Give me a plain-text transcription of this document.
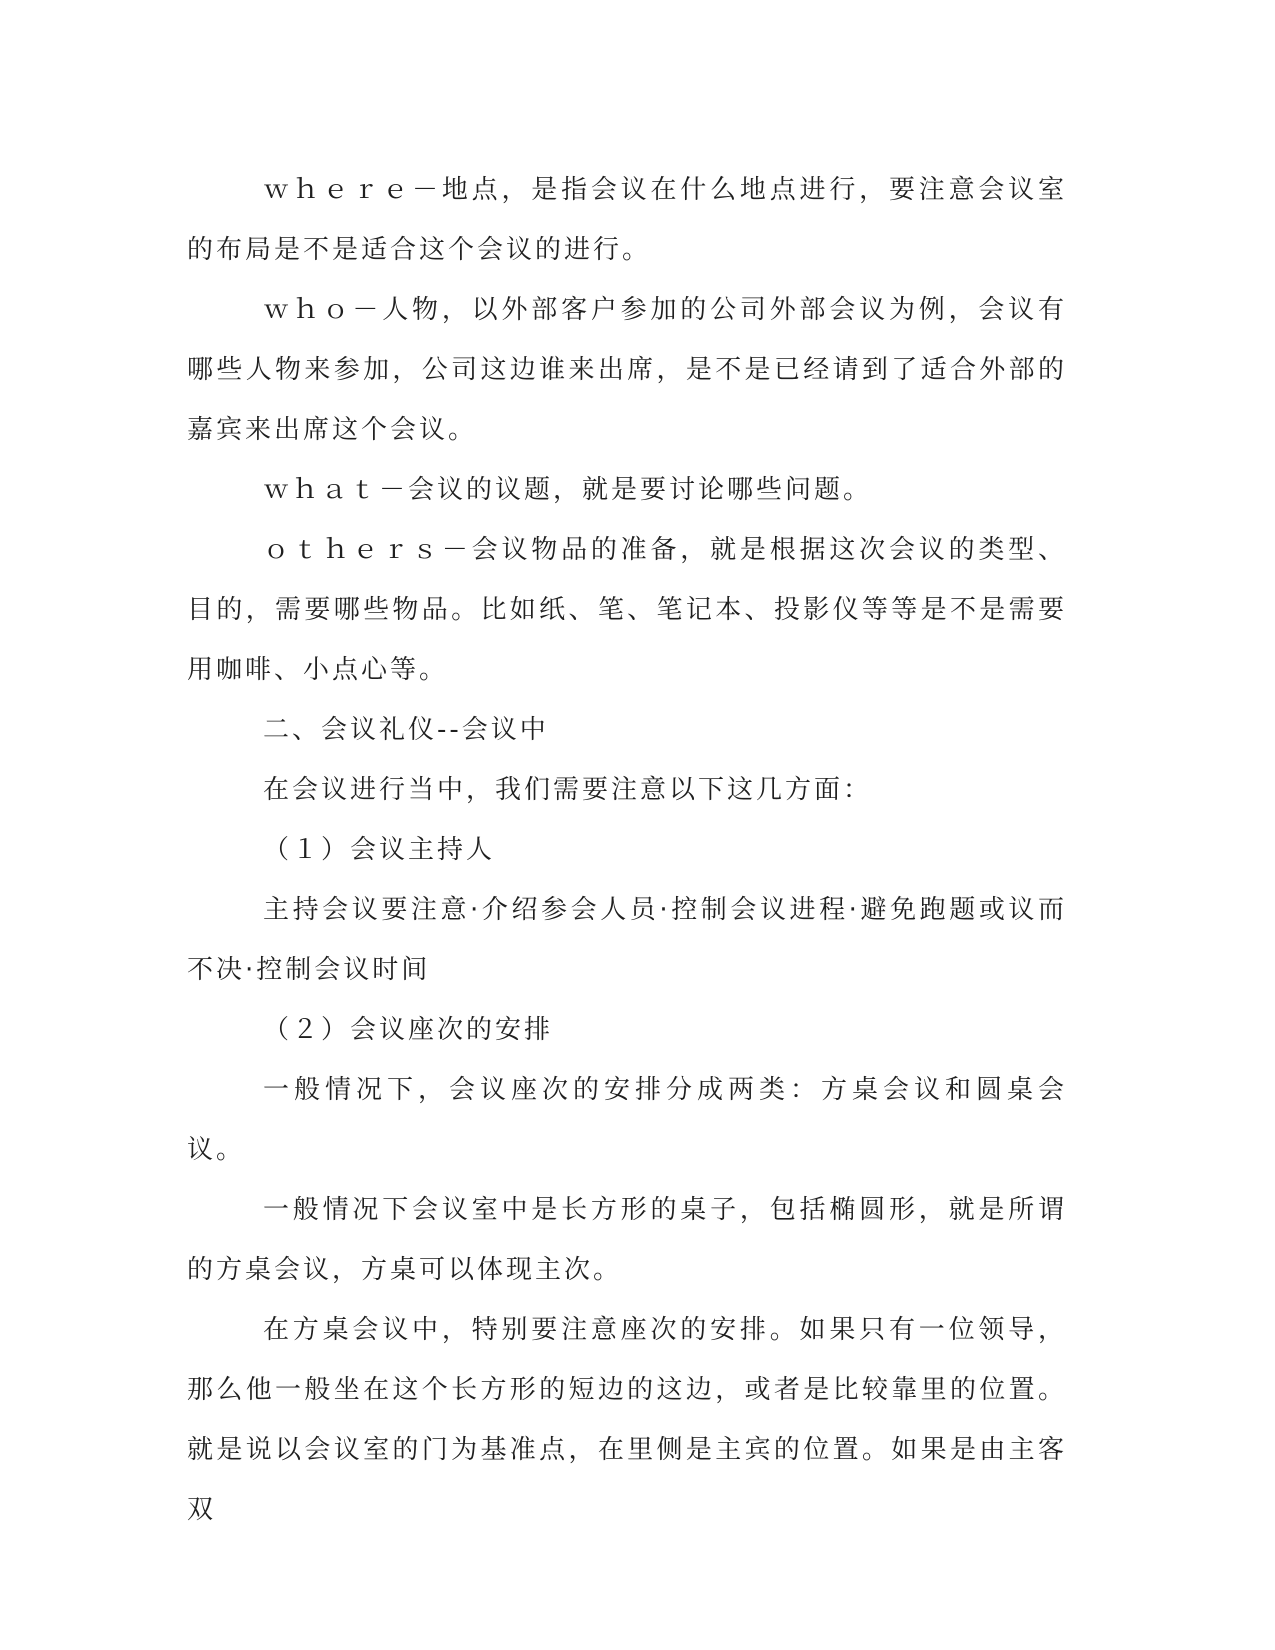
ｗｈｅｒｅ－地点，是指会议在什么地点进行，要注意会议室的布局是不是适合这个会议的进行。

ｗｈｏ－人物，以外部客户参加的公司外部会议为例，会议有哪些人物来参加，公司这边谁来出席，是不是已经请到了适合外部的嘉宾来出席这个会议。

ｗｈａｔ－会议的议题，就是要讨论哪些问题。

ｏｔｈｅｒｓ－会议物品的准备，就是根据这次会议的类型、目的，需要哪些物品。比如纸、笔、笔记本、投影仪等等是不是需要用咖啡、小点心等。

二、会议礼仪--会议中

在会议进行当中，我们需要注意以下这几方面：

（１）会议主持人

主持会议要注意·介绍参会人员·控制会议进程·避免跑题或议而不决·控制会议时间

（２）会议座次的安排

一般情况下，会议座次的安排分成两类：方桌会议和圆桌会议。

一般情况下会议室中是长方形的桌子，包括椭圆形，就是所谓的方桌会议，方桌可以体现主次。

在方桌会议中，特别要注意座次的安排。如果只有一位领导，那么他一般坐在这个长方形的短边的这边，或者是比较靠里的位置。就是说以会议室的门为基准点，在里侧是主宾的位置。如果是由主客双
